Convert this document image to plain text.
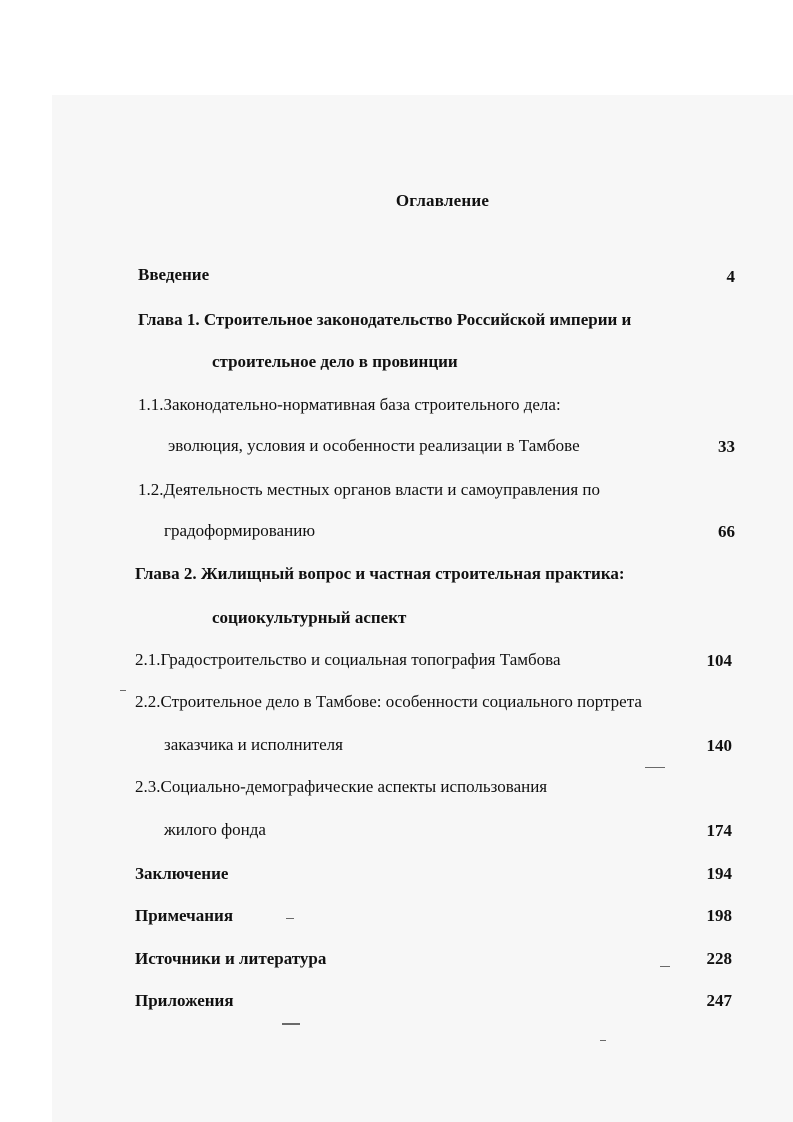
Оглавление
Введение	4
Глава 1. Строительное законодательство Российской империи и
строительное дело в провинции
1.1.Законодательно-нормативная база строительного дела:
эволюция, условия и особенности реализации в Тамбове	33
1.2.Деятельность местных органов власти и самоуправления по
градоформированию	66
Глава 2. Жилищный вопрос и частная строительная практика:
социокультурный аспект
2.1.Градостроительство и социальная топография Тамбова	104
2.2.Строительное дело в Тамбове: особенности социального портрета
заказчика и исполнителя	140
2.3.Социально-демографические аспекты использования
жилого фонда	174
Заключение	194
Примечания	198
Источники и литература	228
Приложения	247
